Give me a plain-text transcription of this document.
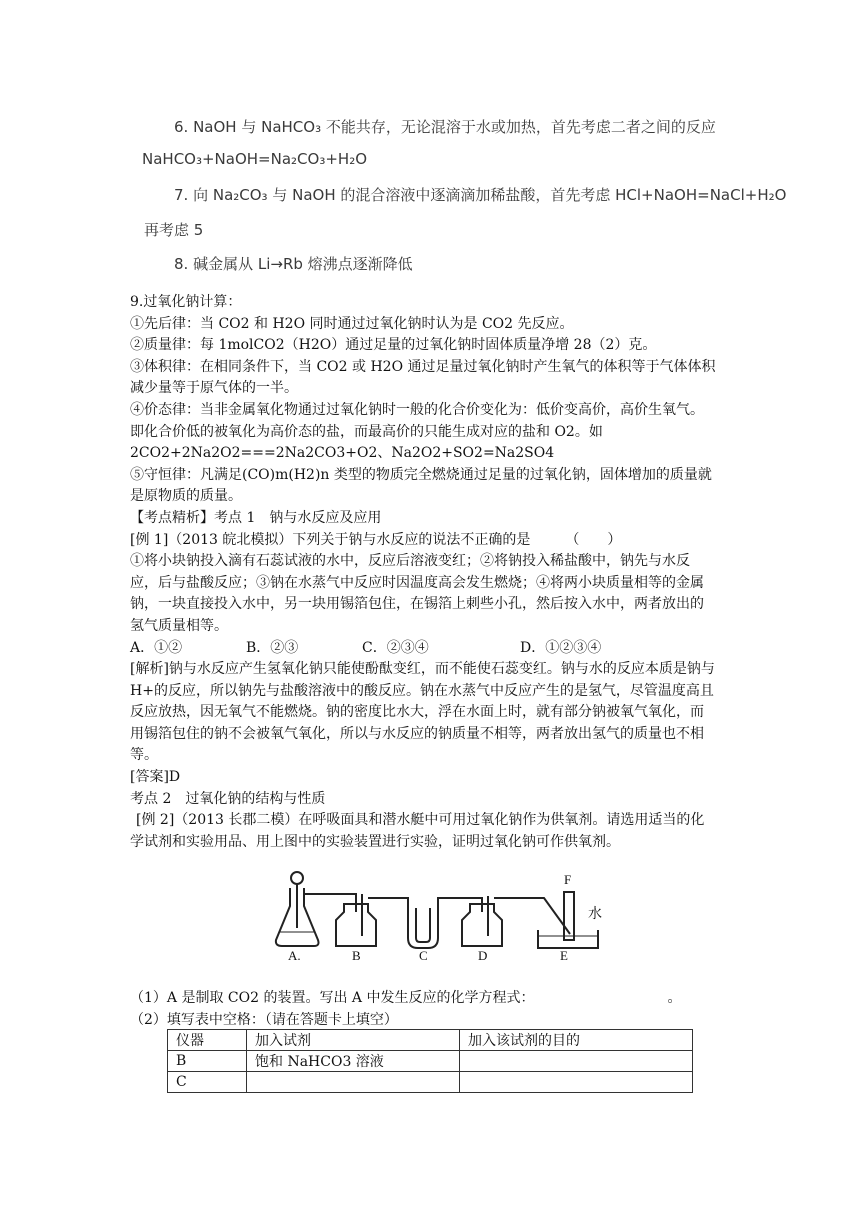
6. NaOH 与 NaHCO₃ 不能共存，无论混溶于水或加热，首先考虑二者之间的反应
NaHCO₃+NaOH=Na₂CO₃+H₂O
7. 向 Na₂CO₃ 与 NaOH 的混合溶液中逐滴滴加稀盐酸，首先考虑 HCl+NaOH=NaCl+H₂O
再考虑 5
8. 碱金属从 Li→Rb 熔沸点逐渐降低

9.过氧化钠计算：

①先后律：当 CO2 和 H2O 同时通过过氧化钠时认为是 CO2 先反应。

②质量律：每 1molCO2（H2O）通过足量的过氧化钠时固体质量净增 28（2）克。

③体积律：在相同条件下，当 CO2 或 H2O 通过足量过氧化钠时产生氧气的体积等于气体体积减少量等于原气体的一半。

④价态律：当非金属氧化物通过过氧化钠时一般的化合价变化为：低价变高价，高价生氧气。即化合价低的被氧化为高价态的盐，而最高价的只能生成对应的盐和 O2。如 2CO2+2Na2O2===2Na2CO3+O2、Na2O2+SO2=Na2SO4

⑤守恒律：凡满足(CO)m(H2)n 类型的物质完全燃烧通过足量的过氧化钠，固体增加的质量就是原物质的质量。

【考点精析】考点 1　钠与水反应及应用

[例 1]（2013 皖北模拟）下列关于钠与水反应的说法不正确的是　　　（　　）

①将小块钠投入滴有石蕊试液的水中，反应后溶液变红；②将钠投入稀盐酸中，钠先与水反应，后与盐酸反应；③钠在水蒸气中反应时因温度高会发生燃烧；④将两小块质量相等的金属钠，一块直接投入水中，另一块用锡箔包住，在锡箔上刺些小孔，然后按入水中，两者放出的氢气质量相等。

A．①②	B．②③	C．②③④	D．①②③④

[解析]钠与水反应产生氢氧化钠只能使酚酞变红，而不能使石蕊变红。钠与水的反应本质是钠与 H+的反应，所以钠先与盐酸溶液中的酸反应。钠在水蒸气中反应产生的是氢气，尽管温度高且反应放热，因无氧气不能燃烧。钠的密度比水大，浮在水面上时，就有部分钠被氧气氧化，而用锡箔包住的钠不会被氧气氧化，所以与水反应的钠质量不相等，两者放出氢气的质量也不相等。

[答案]D

考点 2　过氧化钠的结构与性质

[例 2]（2013 长郡二模）在呼吸面具和潜水艇中可用过氧化钠作为供氧剂。请选用适当的化学试剂和实验用品、用上图中的实验装置进行实验，证明过氧化钠可作供氧剂。

A.	B	C	D	E
F
水
（1）A 是制取 CO2 的装置。写出 A 中发生反应的化学方程式：　　　　　　　　　　。
（2）填写表中空格：（请在答题卡上填空）
仪器	加入试剂	加入该试剂的目的
B	饱和 NaHCO3 溶液	
C		
